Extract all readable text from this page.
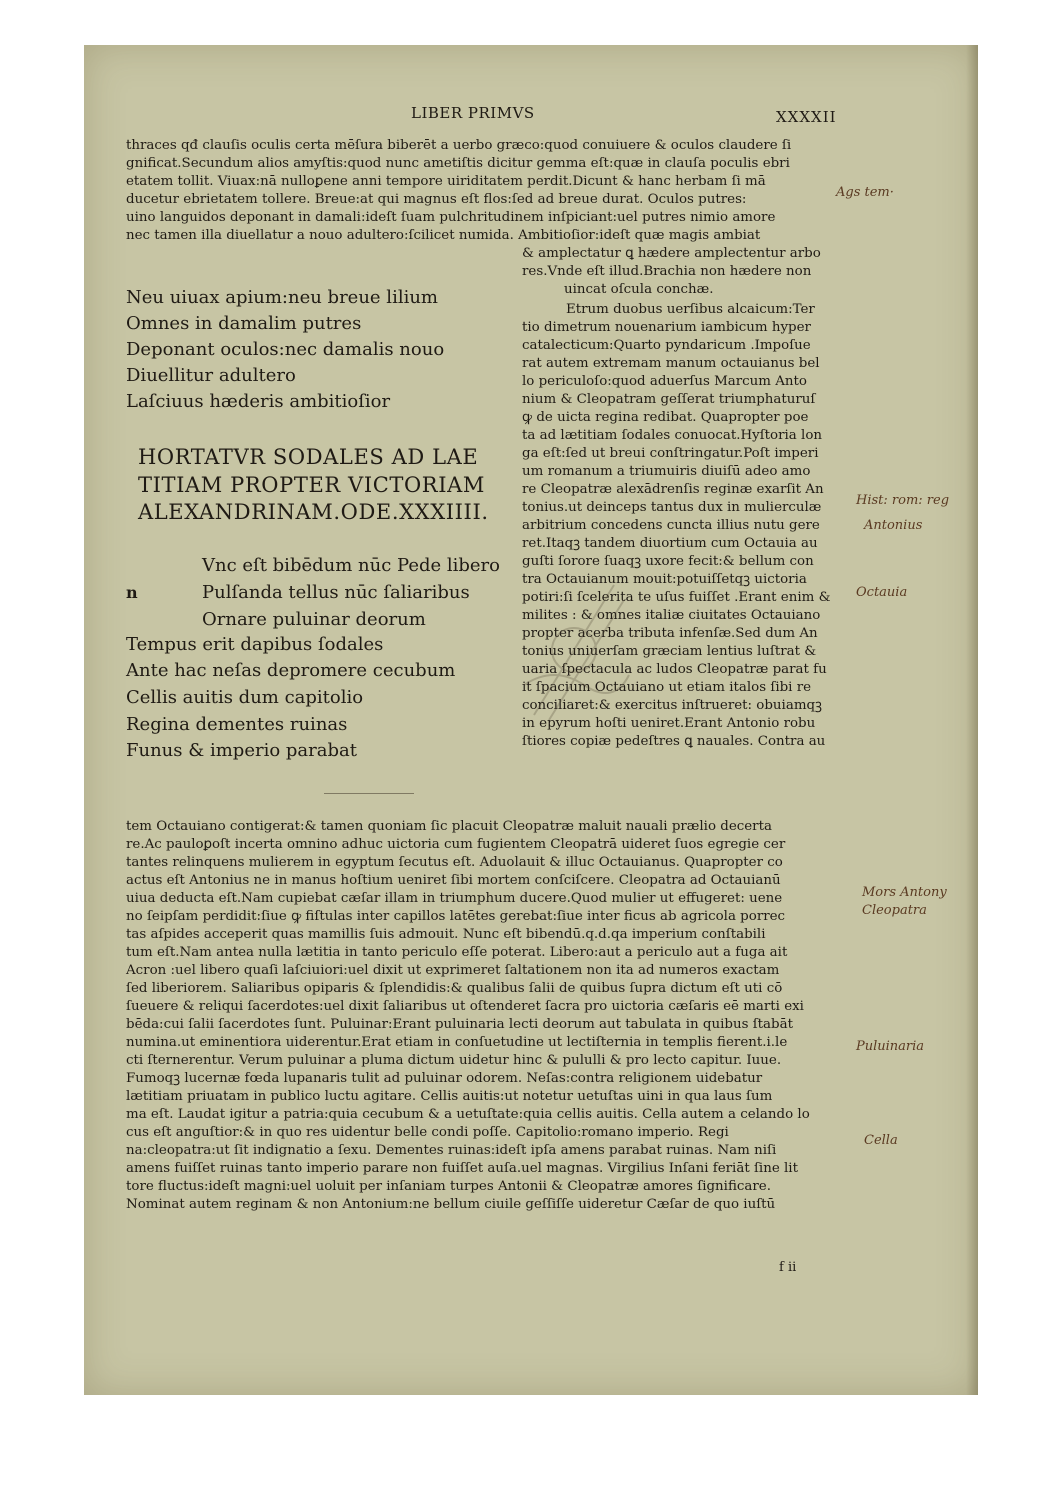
LIBER PRIMVS	XXXXII
thraces qđ clauſis oculis certa mēſura biberēt a uerbo græco:quod conuiuere & oculos claudere ſi
gnificat.Secundum alios amyſtis:quod nunc ametiſtis dicitur gemma eſt:quæ in clauſa poculis ebri
etatem tollit. Viuax:nā nulloꝑene anni tempore uiriditatem perdit.Dicunt & hanc herbam ſi mā
ducetur ebrietatem tollere. Breue:at qui magnus eſt flos:ſed ad breue durat. Oculos putres:
uino languidos deponant in damali:ideſt ſuam pulchritudinem inſpiciant:uel putres nimio amore
nec tamen illa diuellatur a nouo adultero:ſcilicet numida. Ambitioſior:ideſt quæ magis ambiat
& amplectatur ꝗ hædere amplectentur arbo
res.Vnde eſt illud.Brachia non hædere non
uincat oſcula conchæ.
Etrum duobus uerſibus alcaicum:Ter
tio dimetrum nouenarium iambicum hyper
catalecticum:Quarto pyndaricum .Impoſue
rat autem extremam manum octauianus bel
lo periculoſo:quod aduerſus Marcum Anto
nium & Cleopatram geſſerat triumphaturuſ
ꝙ de uicta regina redibat. Quapropter poe
ta ad lætitiam ſodales conuocat.Hyſtoria lon
ga eſt:ſed ut breui conſtringatur.Poſt imperi
um romanum a triumuiris diuiſū adeo amo
re Cleopatræ alexādrenſis reginæ exarſit An
tonius.ut deinceps tantus dux in mulierculæ
arbitrium concedens cuncta illius nutu gere
ret.Itaqꝫ tandem diuortium cum Octauia au
guſti ſorore ſuaqꝫ uxore fecit:& bellum con
tra Octauianum mouit:potuiſſetqꝫ uictoria
potiri:ſi ſcelerita te uſus fuiſſet .Erant enim &
milites : & omnes italiæ ciuitates Octauiano
propter acerba tributa infenſæ.Sed dum An
tonius uniuerſam græciam lentius luſtrat &
uaria ſpectacula ac ludos Cleopatræ parat fu
it ſpacium Octauiano ut etiam italos ſibi re
conciliaret:& exercitus inſtrueret: obuiamqꝫ
in epyrum hoſti ueniret.Erant Antonio robu
ſtiores copiæ pedeſtres ꝗ nauales. Contra au
Neu uiuax apium:neu breue lilium
Omnes in damalim putres
Deponant oculos:nec damalis nouo
Diuellitur adultero
Laſciuus hæderis ambitioſior
HORTATVR SODALES AD LAE
TITIAM PROPTER VICTORIAM
ALEXANDRINAM.ODE.XXXIIII.
n
Vnc eſt bibēdum nūc Pede libero
Pulſanda tellus nūc ſaliaribus
Ornare puluinar deorum
Tempus erit dapibus ſodales
Ante hac neſas depromere cecubum
Cellis auitis dum capitolio
Regina dementes ruinas
Funus & imperio parabat
tem Octauiano contigerat:& tamen quoniam ſic placuit Cleopatræ maluit nauali prælio decerta
re.Ac pauloꝑoſt incerta omnino adhuc uictoria cum fugientem Cleopatrā uideret ſuos egregie cer
tantes relinquens mulierem in egyptum ſecutus eſt. Aduolauit & illuc Octauianus. Quapropter co
actus eſt Antonius ne in manus hoſtium ueniret ſibi mortem conſciſcere. Cleopatra ad Octauianū
uiua deducta eſt.Nam cupiebat cæſar illam in triumphum ducere.Quod mulier ut effugeret: uene
no ſeipſam perdidit:ſiue ꝙ fiſtulas inter capillos latētes gerebat:ſiue inter ficus ab agricola porrec
tas aſpides acceperit quas mamillis ſuis admouit. Nunc eſt bibendū.q.d.qa imperium conſtabili
tum eſt.Nam antea nulla lætitia in tanto periculo eſſe poterat. Libero:aut a periculo aut a fuga ait
Acron :uel libero quaſi laſciuiori:uel dixit ut exprimeret ſaltationem non ita ad numeros exactam
ſed liberiorem. Saliaribus opiparis & ſplendidis:& qualibus ſalii de quibus ſupra dictum eſt uti cō
ſueuere & reliqui ſacerdotes:uel dixit ſaliaribus ut oſtenderet ſacra pro uictoria cæſaris eē marti exi
bēda:cui ſalii ſacerdotes ſunt. Puluinar:Erant puluinaria lecti deorum aut tabulata in quibus ſtabāt
numina.ut eminentiora uiderentur.Erat etiam in conſuetudine ut lectiſternia in templis fierent.i.le
cti ſternerentur. Verum puluinar a pluma dictum uidetur hinc & pululli & pro lecto capitur. Iuue.
Fumoqꝫ lucernæ fœda lupanaris tulit ad puluinar odorem. Neſas:contra religionem uidebatur
lætitiam priuatam in publico luctu agitare. Cellis auitis:ut notetur uetuſtas uini in qua laus ſum
ma eſt. Laudat igitur a patria:quia cecubum & a uetuſtate:quia cellis auitis. Cella autem a celando lo
cus eſt anguſtior:& in quo res uidentur belle condi poſſe. Capitolio:romano imperio. Regi
na:cleopatra:ut ſit indignatio a ſexu. Dementes ruinas:ideſt ipſa amens parabat ruinas. Nam niſi
amens fuiſſet ruinas tanto imperio parare non fuiſſet auſa.uel magnas. Virgilius Inſani feriāt ſine lit
tore fluctus:ideſt magni:uel uoluit per inſaniam turpes Antonii & Cleopatræ amores ſignificare.
Nominat autem reginam & non Antonium:ne bellum ciuile geſſiſſe uideretur Cæſar de quo iuſtū
f ii
Ags tem·
Hist: rom: reg
Antonius
Octauia
Mors Antony
Cleopatra
Puluinaria
Cella
